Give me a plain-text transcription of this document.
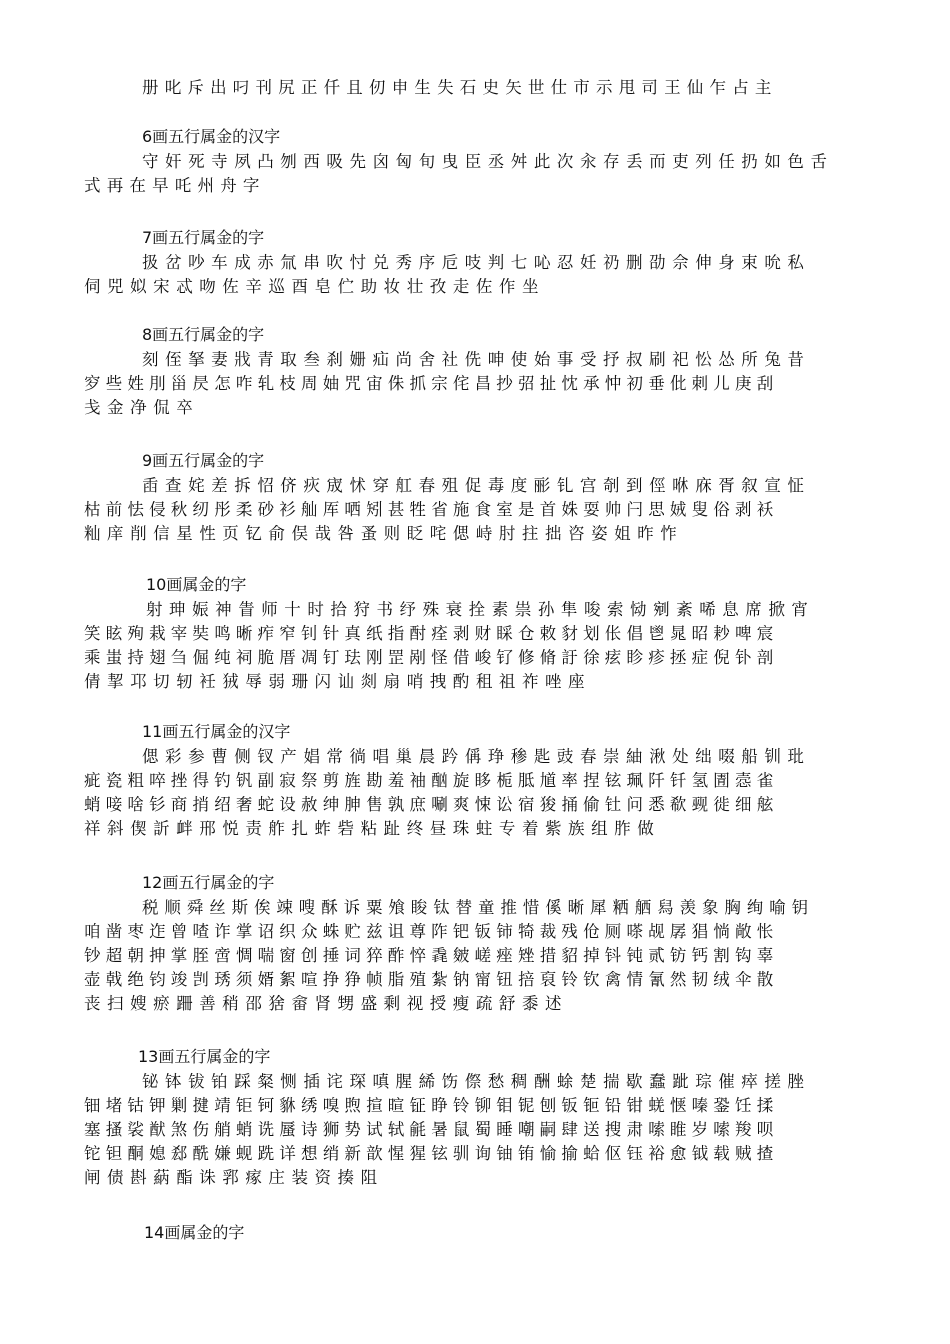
册叱斥出叼刊尻正仟且仞申生失石史矢世仕市示甩司王仙乍占主
6画五行属金的汉字
守奸死寺夙凸刎西吸先囟匈旬曳臣丞舛此次汆存丢而吏列任扔如色舌
式再在早吒州舟字
7画五行属金的字
扱岔吵车成赤氚串吹忖兑秀序卮吱判七吣忍妊礽删劭佘伸身束吮私
伺兕姒宋忒吻佐辛巡酉皂伫助妆壮孜走佐作坐
8画五行属金的字
刻侄拏妻戕青取叁刹姗疝尚舍社侁呻使始事受抒叔刷祀忪怂所兔昔
穸些姓刖甾昃怎咋轧枝周妯咒宙侏抓宗侘昌抄弨扯忱承忡初垂仳刺儿庚刮
戋金净侃卒
9画五行属金的字
臿查姹差拆怊侪疢宬怵穿舡春殂促毒度彨钆宫剞到俓咻庥胥叙宣怔
枯前怯侵秋纫彤柔砂衫舢厍哂矧甚牲省施食室是首姝耍帅闩思娀叟俗剥袄
籼庠削信星性页钇俞俣哉咎蚤则眨咤偲峙肘拄拙咨姿姐昨怍
10画属金的字
射珅娠神眚师十时拾狩书纾殊衰拴素祟孙隼唆索恸剜紊唏息席掀宵
笑眩殉栽宰奘鸣晰痄窄钊针真纸指酎痊剥财睬仓敕豺划伥倡鬯晁昭耖啤宸
乘蚩持翅刍倔纯祠脆厝凋钉珐刚罡剐怪借峻钌修脩訏徐痃眕疹拯症倪钋剖
倩挈邛切轫衽狨辱弱珊闪讪剡扇哨拽酌租祖祚唑座
11画五行属金的汉字
偲彩参曹侧钗产娼常徜唱巢晨趻偁琤䅟匙豉春崇紬湫处绌啜船钏玭
疵瓷粗啐挫得钓钒副寂祭剪旌勘羞袖酗旋眵栀胝馗率捏铉珮阡钎氢圊悫雀
蛸唼啥钐商捎绍奢蛇设赦绅胂售孰庶唰爽悚讼宿狻捅偷钍问悉欷觋徙细舷
祥斜偰訢衅邢悦责舴扎蚱砦粘趾终昼珠蛀专着紫族组胙做
12画五行属金的字
税顺舜丝斯俟竦嗖酥诉粟飧睃钛替童推惜傒晰犀粞舾舄羡象胸绚喻钥
咱凿枣迮曾喳诈掌诏织众蛛贮兹诅尊阼钯钣铈犄裁残伧厕嗏觇孱猖惝敞怅
钞超朝抻掌胵啻惆喘窗创捶词猝酢悴毳皴嵯痤矬措貂掉钭钝贰钫钙割钩辜
壶戟绝钧竣剀琇须婿絮喧挣狰帧脂殖紮钠甯钮掊裒铃钦禽情氰然韧绒伞散
丧扫嫂瘀跚善稍邵猞畲肾甥盛剩视授瘦疏舒黍述
13画五行属金的字
铋钵钹铂踩粲恻插诧琛嗔腥絺饬傺愁稠酬蜍楚揣歇蠢跐琮催瘁搓脞
钿堵钴钾剿揵靖钜钶貅绣嗅煦揎暄钲睁铃铆钼铌刨钣钷铅钳蜣惬嗪銎饪揉
塞搔裟猷煞伤艄蛸诜蜃诗狮势试轼毹暑鼠蜀睡嘲嗣肆送搜肃嗦睢岁嗦羧呗
铊钽酮媳郄酰嫌蚬跣详想绡新歆惺猩铉驯询铀铕愉揄蛤伛钰裕愈钺载贼揸
闸债斟蒳酯诛郛瘃庄装资揍阻
14画属金的字
